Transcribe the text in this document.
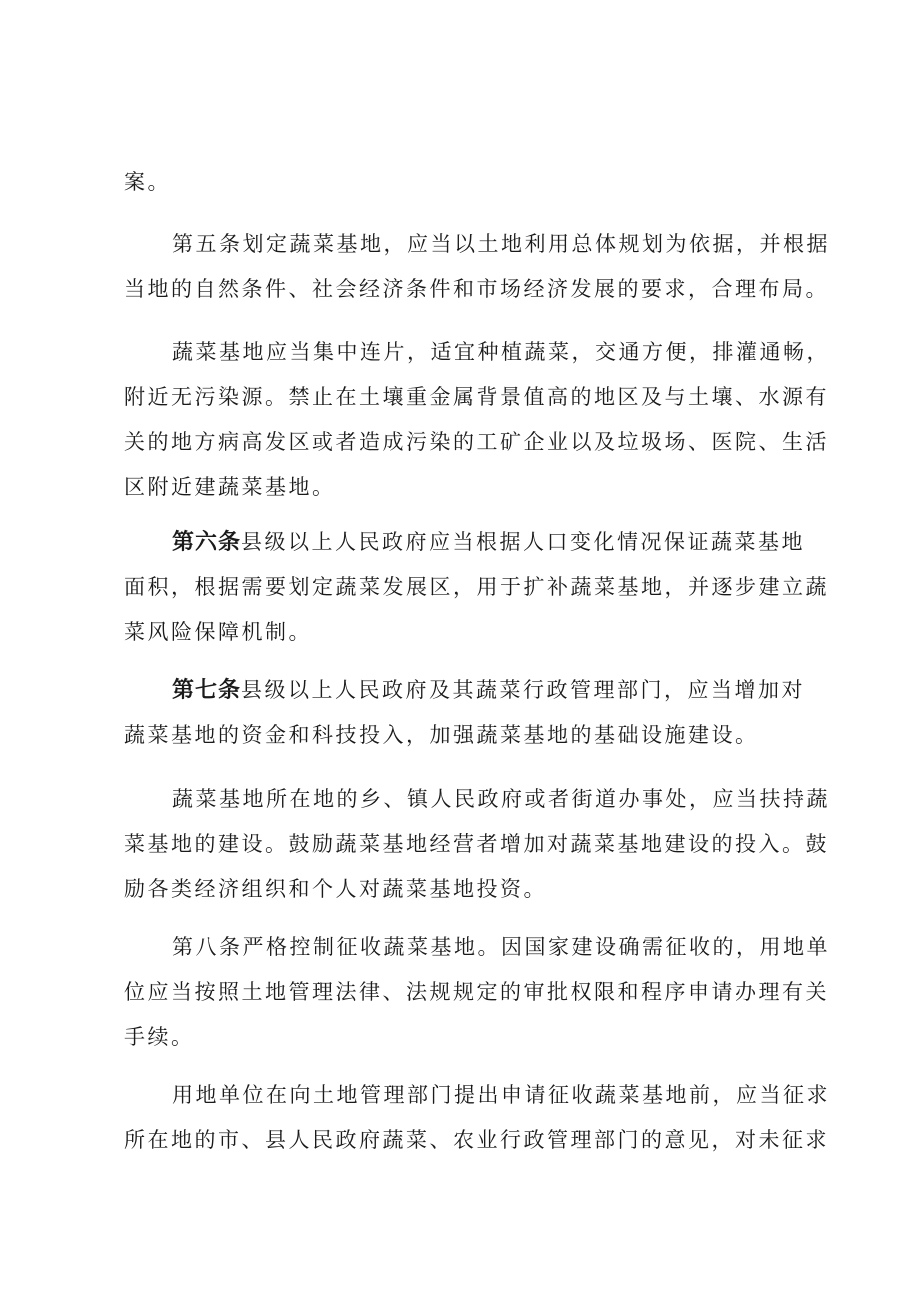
案。
第五条划定蔬菜基地，应当以土地利用总体规划为依据，并根据
当地的自然条件、社会经济条件和市场经济发展的要求，合理布局。
蔬菜基地应当集中连片，适宜种植蔬菜，交通方便，排灌通畅，
附近无污染源。禁止在土壤重金属背景值高的地区及与土壤、水源有
关的地方病高发区或者造成污染的工矿企业以及垃圾场、医院、生活
区附近建蔬菜基地。
第六条县级以上人民政府应当根据人口变化情况保证蔬菜基地
面积，根据需要划定蔬菜发展区，用于扩补蔬菜基地，并逐步建立蔬
菜风险保障机制。
第七条县级以上人民政府及其蔬菜行政管理部门，应当增加对
蔬菜基地的资金和科技投入，加强蔬菜基地的基础设施建设。
蔬菜基地所在地的乡、镇人民政府或者街道办事处，应当扶持蔬
菜基地的建设。鼓励蔬菜基地经营者增加对蔬菜基地建设的投入。鼓
励各类经济组织和个人对蔬菜基地投资。
第八条严格控制征收蔬菜基地。因国家建设确需征收的，用地单
位应当按照土地管理法律、法规规定的审批权限和程序申请办理有关
手续。
用地单位在向土地管理部门提出申请征收蔬菜基地前，应当征求
所在地的市、县人民政府蔬菜、农业行政管理部门的意见，对未征求
